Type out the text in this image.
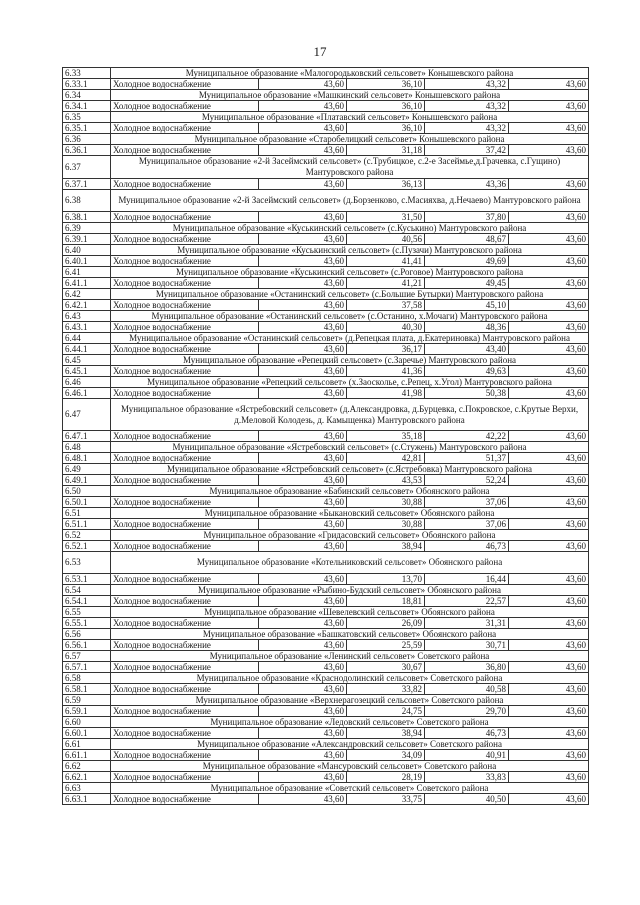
17
6.33	Муниципальное образование «Малогородьковский сельсовет» Конышевского района				
6.33.1	Холодное водоснабжение	43,60	36,10	43,32	43,60
6.34	Муниципальное образование «Машкинский сельсовет» Конышевского района				
6.34.1	Холодное водоснабжение	43,60	36,10	43,32	43,60
6.35	Муниципальное образование «Платавский сельсовет» Конышевского района				
6.35.1	Холодное водоснабжение	43,60	36,10	43,32	43,60
6.36	Муниципальное образование «Старобелицкий сельсовет» Конышевского района				
6.36.1	Холодное водоснабжение	43,60	31,18	37,42	43,60
6.37	Муниципальное образование «2-й Засеймский сельсовет» (с.Трубицкое, с.2-е Засеймье,д.Грачевка, с.Гущино) Мантуровского района				
6.37.1	Холодное водоснабжение	43,60	36,13	43,36	43,60
6.38	Муниципальное образование «2-й Засеймский сельсовет» (д.Борзенково, с.Масияхва, д.Нечаево) Мантуровского района				
6.38.1	Холодное водоснабжение	43,60	31,50	37,80	43,60
6.39	Муниципальное образование «Куськинский сельсовет» (с.Куськино) Мантуровского района				
6.39.1	Холодное водоснабжение	43,60	40,56	48,67	43,60
6.40	Муниципальное образование «Куськинский сельсовет» (с.Пузачи) Мантуровского района				
6.40.1	Холодное водоснабжение	43,60	41,41	49,69	43,60
6.41	Муниципальное образование «Куськинский сельсовет» (с.Роговое) Мантуровского района				
6.41.1	Холодное водоснабжение	43,60	41,21	49,45	43,60
6.42	Муниципальное образование «Останинский сельсовет» (с.Большие Бутырки) Мантуровского района				
6.42.1	Холодное водоснабжение	43,60	37,58	45,10	43,60
6.43	Муниципальное образование «Останинский сельсовет» (с.Останино, х.Мочаги) Мантуровского района				
6.43.1	Холодное водоснабжение	43,60	40,30	48,36	43,60
6.44	Муниципальное образование «Останинский сельсовет» (д.Репецкая плата, д.Екатериновка) Мантуровского района				
6.44.1	Холодное водоснабжение	43,60	36,17	43,40	43,60
6.45	Муниципальное образование «Репецкий сельсовет» (с.Заречье) Мантуровского района				
6.45.1	Холодное водоснабжение	43,60	41,36	49,63	43,60
6.46	Муниципальное образование «Репецкий сельсовет» (х.Заосколье, с.Репец, х.Угол) Мантуровского района				
6.46.1	Холодное водоснабжение	43,60	41,98	50,38	43,60
6.47	Муниципальное образование «Ястребовский сельсовет» (д.Александровка, д.Бурцевка, с.Покровское, с.Крутые Верхи, д.Меловой Колодезь, д. Камыщенка) Мантуровского района				
6.47.1	Холодное водоснабжение	43,60	35,18	42,22	43,60
6.48	Муниципальное образование «Ястребовский сельсовет» (с.Стужень) Мантуровского района				
6.48.1	Холодное водоснабжение	43,60	42,81	51,37	43,60
6.49	Муниципальное образование «Ястребовский сельсовет» (с.Ястребовка) Мантуровского района				
6.49.1	Холодное водоснабжение	43,60	43,53	52,24	43,60
6.50	Муниципальное образование «Бабинский сельсовет» Обоянского района				
6.50.1	Холодное водоснабжение	43,60	30,88	37,06	43,60
6.51	Муниципальное образование «Быкановский сельсовет» Обоянского района				
6.51.1	Холодное водоснабжение	43,60	30,88	37,06	43,60
6.52	Муниципальное образование «Гридасовский сельсовет» Обоянского района				
6.52.1	Холодное водоснабжение	43,60	38,94	46,73	43,60
6.53	Муниципальное образование «Котельниковский сельсовет» Обоянского района				
6.53.1	Холодное водоснабжение	43,60	13,70	16,44	43,60
6.54	Муниципальное образование «Рыбино-Будский сельсовет» Обоянского района				
6.54.1	Холодное водоснабжение	43,60	18,81	22,57	43,60
6.55	Муниципальное образование «Шевелевский сельсовет» Обоянского района				
6.55.1	Холодное водоснабжение	43,60	26,09	31,31	43,60
6.56	Муниципальное образование «Башкатовский сельсовет» Обоянского района				
6.56.1	Холодное водоснабжение	43,60	25,59	30,71	43,60
6.57	Муниципальное образование «Ленинский сельсовет» Советского района				
6.57.1	Холодное водоснабжение	43,60	30,67	36,80	43,60
6.58	Муниципальное образование «Краснодолинский сельсовет» Советского района				
6.58.1	Холодное водоснабжение	43,60	33,82	40,58	43,60
6.59	Муниципальное образование «Верхнерагозецкий сельсовет» Советского района				
6.59.1	Холодное водоснабжение	43,60	24,75	29,70	43,60
6.60	Муниципальное образование «Ледовский сельсовет» Советского района				
6.60.1	Холодное водоснабжение	43,60	38,94	46,73	43,60
6.61	Муниципальное образование «Александровский сельсовет» Советского района				
6.61.1	Холодное водоснабжение	43,60	34,09	40,91	43,60
6.62	Муниципальное образование «Мансуровский сельсовет» Советского района				
6.62.1	Холодное водоснабжение	43,60	28,19	33,83	43,60
6.63	Муниципальное образование «Советский сельсовет» Советского района				
6.63.1	Холодное водоснабжение	43,60	33,75	40,50	43,60
